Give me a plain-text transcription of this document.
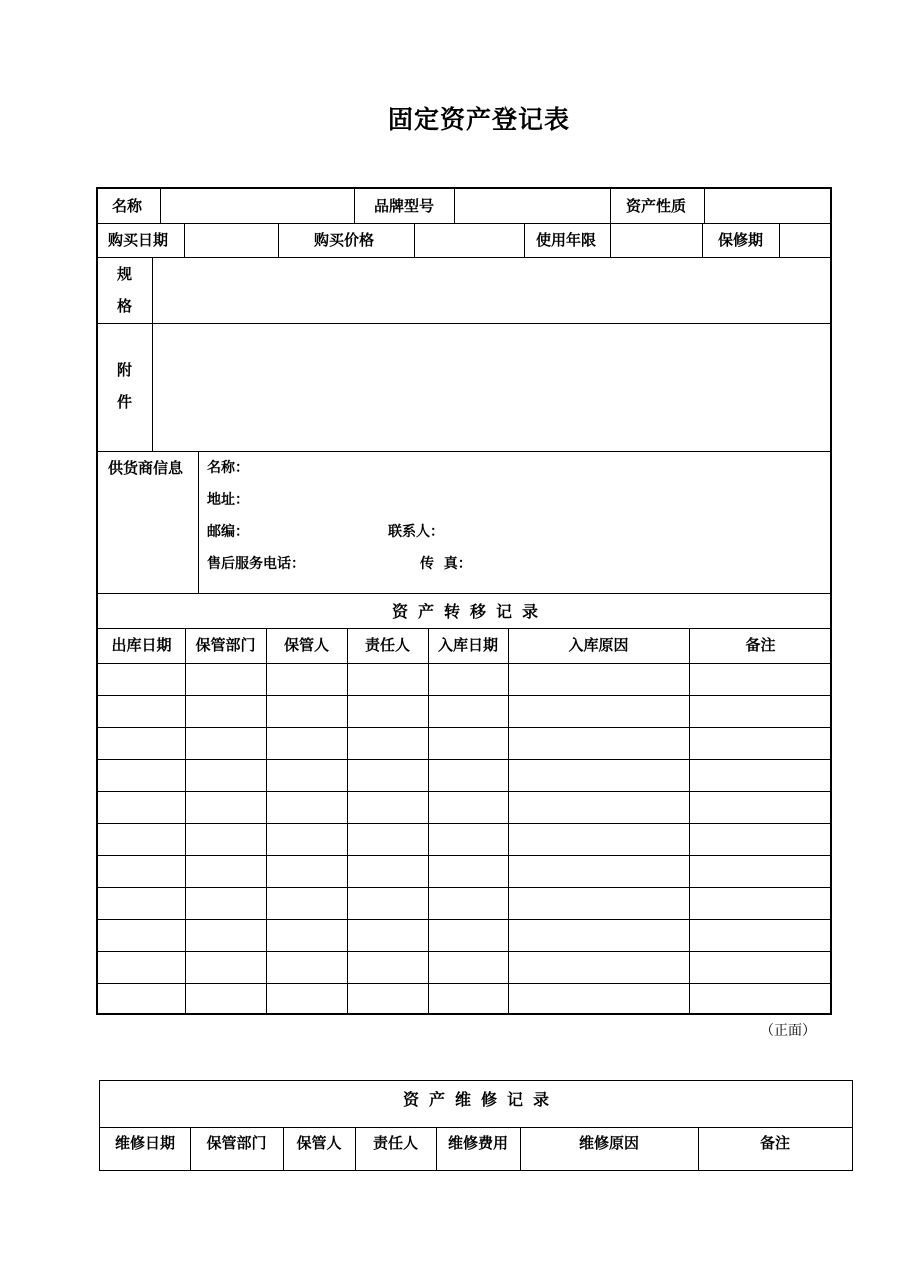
固定资产登记表
名称	品牌型号	资产性质
购买日期	购买价格	使用年限	保修期
规
格
附
件
供货商信息 名称：
地址：
邮编：	联系人：
售后服务电话：	传  真：
资产转移记录
出库日期	保管部门	保管人	责任人	入库日期	入库原因	备注
（正面）
资产维修记录
维修日期	保管部门	保管人	责任人	维修费用	维修原因	备注
